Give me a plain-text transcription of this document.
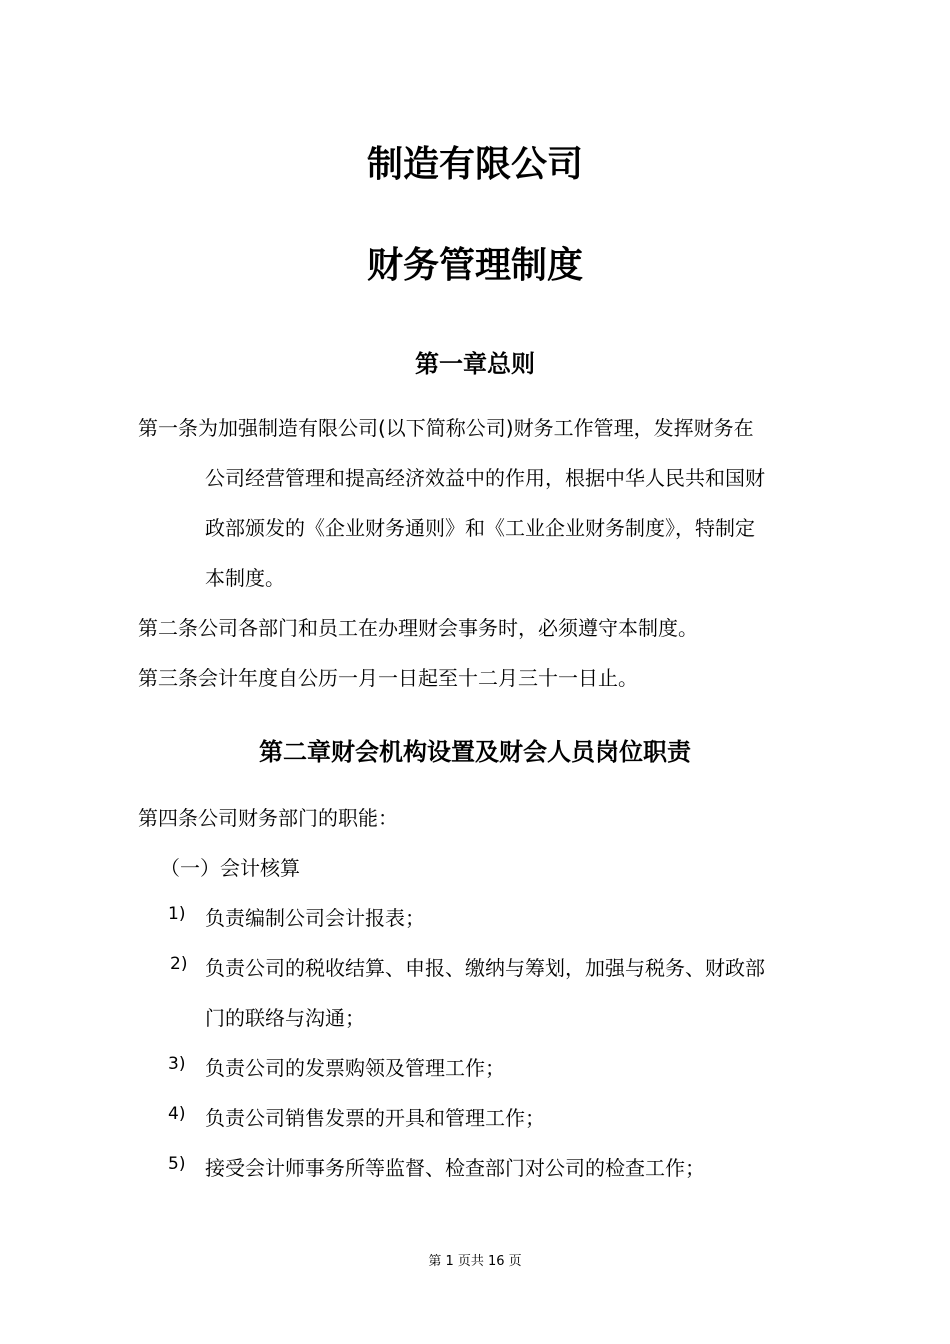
制造有限公司
财务管理制度
第一章总则
第一条为加强制造有限公司(以下简称公司)财务工作管理，发挥财务在
公司经营管理和提高经济效益中的作用，根据中华人民共和国财
政部颁发的《企业财务通则》和《工业企业财务制度》，特制定
本制度。
第二条公司各部门和员工在办理财会事务时，必须遵守本制度。
第三条会计年度自公历一月一日起至十二月三十一日止。
第二章财会机构设置及财会人员岗位职责
第四条公司财务部门的职能：
（一）会计核算
1) 负责编制公司会计报表；
2) 负责公司的税收结算、申报、缴纳与筹划，加强与税务、财政部
门的联络与沟通；
3) 负责公司的发票购领及管理工作；
4) 负责公司销售发票的开具和管理工作；
5) 接受会计师事务所等监督、检查部门对公司的检查工作；
第 1 页共 16 页
